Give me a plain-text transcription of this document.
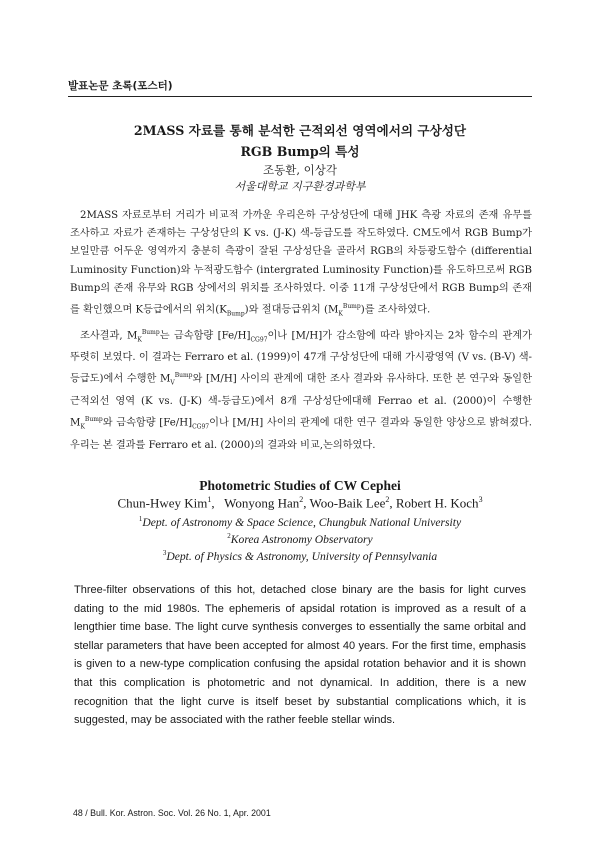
발표논문 초록(포스터)
2MASS 자료를 통해 분석한 근적외선 영역에서의 구상성단
RGB Bump의 특성
조동환, 이상각
서울대학교 지구환경과학부

2MASS 자료로부터 거리가 비교적 가까운 우리은하 구상성단에 대해 JHK 측광 자료의 존재 유무를 조사하고 자료가 존재하는 구상성단의 K vs. (J-K) 색-등급도를 작도하였다. CM도에서 RGB Bump가 보일만큼 어두운 영역까지 충분히 측광이 잘된 구상성단을 골라서 RGB의 차등광도함수 (differential Luminosity Function)와 누적광도함수 (intergrated Luminosity Function)를 유도하므로써 RGB Bump의 존재 유무와 RGB 상에서의 위치를 조사하였다. 이중 11개 구상성단에서 RGB Bump의 존재를 확인했으며 K등급에서의 위치$(K_{Bump})$와 절대등급위치 $(M_K^{Bump})$를 조사하였다.

조사결과, $M_K^{Bump}$는 금속함량 $[Fe/H]_{CG97}$이나 [M/H]가 감소함에 따라 밝아지는 2차 함수의 관계가 뚜렷히 보였다. 이 결과는 Ferraro et al. (1999)이 47개 구상성단에 대해 가시광영역 (V vs. (B-V) 색-등급도)에서 수행한 $M_V^{Bump}$와 [M/H] 사이의 관계에 대한 조사 결과와 유사하다. 또한 본 연구와 동일한 근적외선 영역 (K vs. (J-K) 색-등급도)에서 8개 구상성단에대해 Ferrao et al. (2000)이 수행한 $M_K^{Bump}$와 금속함량 $[Fe/H]_{CG97}$이나 [M/H] 사이의 관계에 대한 연구 결과와 동일한 양상으로 밝혀졌다. 우리는 본 결과를 Ferraro et al. (2000)의 결과와 비교,논의하였다.

Photometric Studies of CW Cephei
Chun-Hwey Kim$^1$,   Wonyong Han$^2$, Woo-Baik Lee$^2$, Robert H. Koch$^3$
$^1$Dept. of Astronomy & Space Science, Chungbuk National University
$^2$Korea Astronomy Observatory
$^3$Dept. of Physics & Astronomy, University of Pennsylvania

Three-filter observations of this hot, detached close binary are the basis for light curves dating to the mid 1980s. The ephemeris of apsidal rotation is improved as a result of a lengthier time base. The light curve synthesis converges to essentially the same orbital and stellar parameters that have been accepted for almost 40 years. For the first time, emphasis is given to a new-type complication confusing the apsidal rotation behavior and it is shown that this complication is photometric and not dynamical. In addition, there is a new recognition that the light curve is itself beset by substantial complications which, it is suggested, may be associated with the rather feeble stellar winds.

48 / Bull. Kor. Astron. Soc. Vol. 26 No. 1, Apr. 2001
